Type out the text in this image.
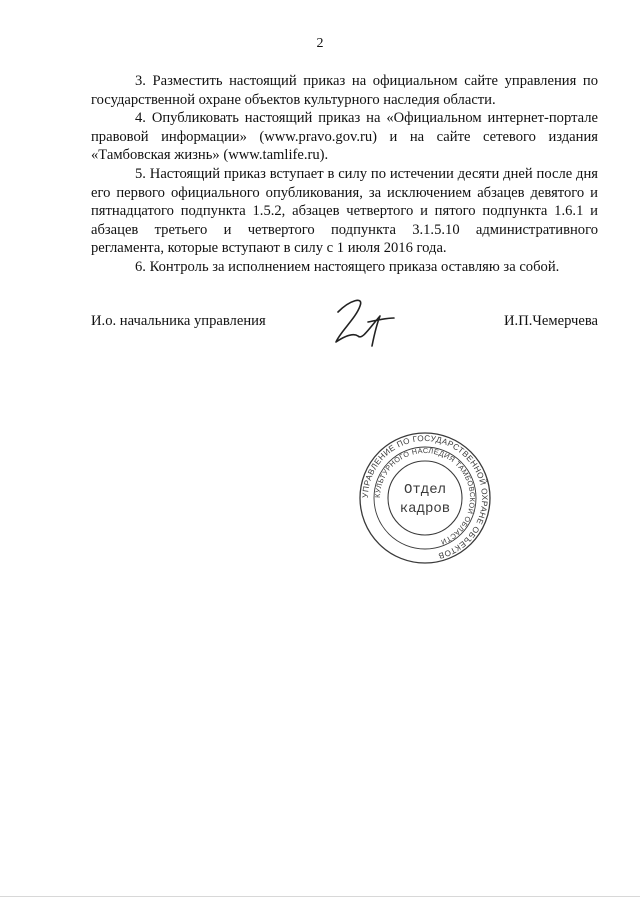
2

3. Разместить настоящий приказ на официальном сайте управления по государственной охране объектов культурного наследия области.

4. Опубликовать настоящий приказ на «Официальном интернет-портале правовой информации» (www.pravo.gov.ru) и на сайте сетевого издания «Тамбовская жизнь» (www.tamlife.ru).

5. Настоящий приказ вступает в силу по истечении десяти дней после дня его первого официального опубликования, за исключением абзацев девятого и пятнадцатого подпункта 1.5.2, абзацев четвертого и пятого подпункта 1.6.1 и абзацев третьего и четвертого подпункта 3.1.5.10 административного регламента, которые вступают в силу с 1 июля 2016 года.

6. Контроль за исполнением настоящего приказа оставляю за собой.

И.о. начальника управления	И.П.Чемерчева
УПРАВЛЕНИЕ ПО ГОСУДАРСТВЕННОЙ ОХРАНЕ ОБЪЕКТОВ
КУЛЬТУРНОГО НАСЛЕДИЯ ТАМБОВСКОЙ ОБЛАСТИ
Отдел
кадров
